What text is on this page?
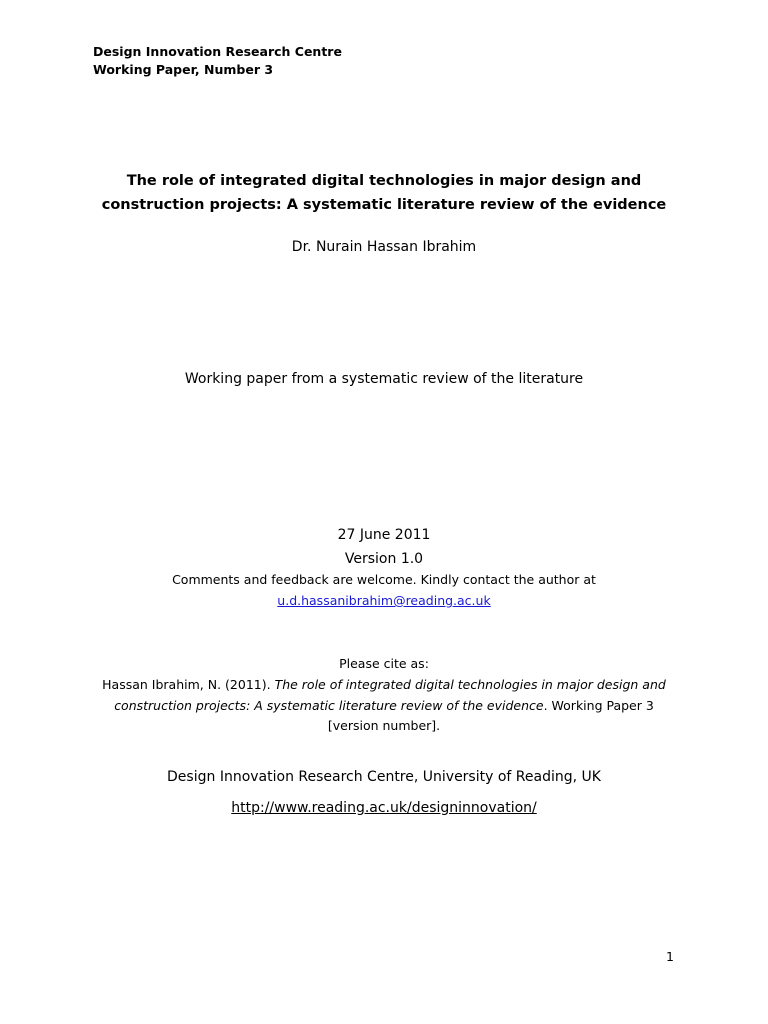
Design Innovation Research Centre
Working Paper, Number 3
The role of integrated digital technologies in major design and construction projects: A systematic literature review of the evidence
Dr. Nurain Hassan Ibrahim
Working paper from a systematic review of the literature
27 June 2011
Version 1.0
Comments and feedback are welcome. Kindly contact the author at
u.d.hassanibrahim@reading.ac.uk
Please cite as:
Hassan Ibrahim, N. (2011). The role of integrated digital technologies in major design and construction projects: A systematic literature review of the evidence. Working Paper 3 [version number].
Design Innovation Research Centre, University of Reading, UK
http://www.reading.ac.uk/designinnovation/
1
